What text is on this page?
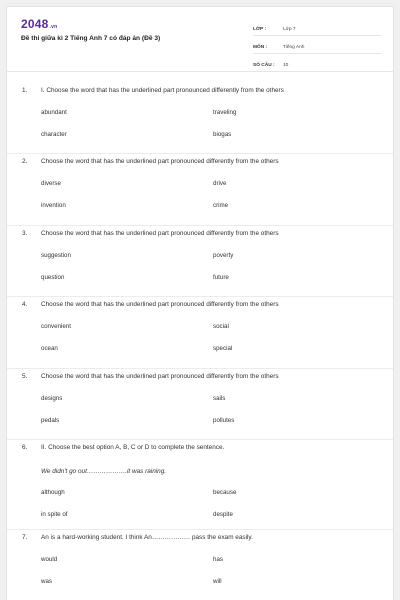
2048.vn
Đề thi giữa kì 2 Tiếng Anh 7 có đáp án (Đề 3)
LỚP :	Lớp 7
MÔN :	Tiếng Anh
SỐ CÂU :	10
1. I. Choose the word that has the underlined part pronounced differently from the others
abundant	traveling
character	biogas
2. Choose the word that has the underlined part pronounced differently from the others
diverse	drive
invention	crime
3. Choose the word that has the underlined part pronounced differently from the others
suggestion	poverty
question	future
4. Choose the word that has the underlined part pronounced differently from the others
convenient	social
ocean	special
5. Choose the word that has the underlined part pronounced differently from the others
designs	sails
pedals	pollutes
6. II. Choose the best option A, B, C or D to complete the sentence.
We didn't go out……………….it was raining.
although	because
in spite of	despite
7. An is a hard-working student. I think An……………… pass the exam easily.
would	has
was	will
